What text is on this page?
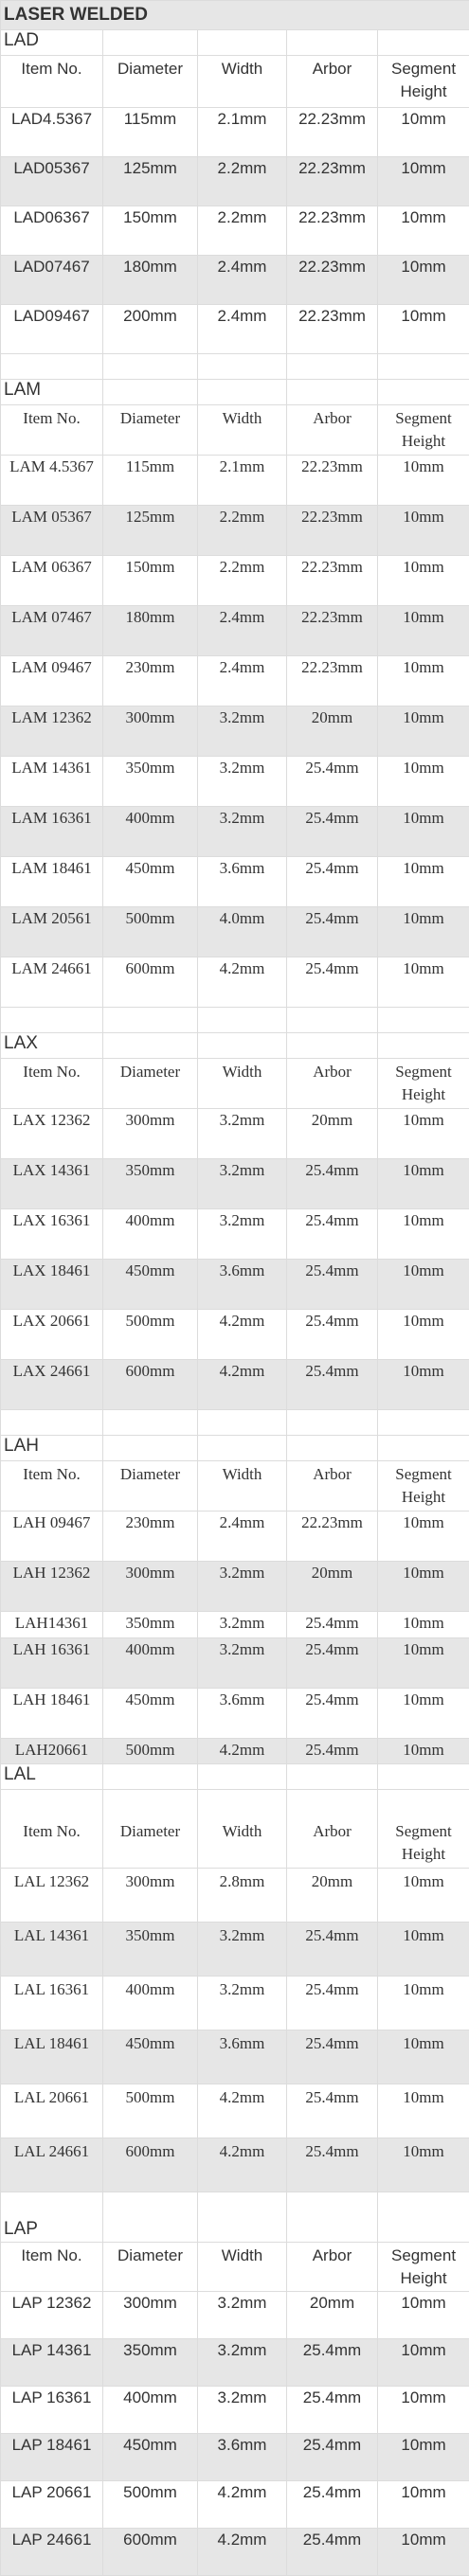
LASER WELDED				
LAD				
Item No.	Diameter	Width	Arbor	Segment Height
LAD4.5367	115mm	2.1mm	22.23mm	10mm
LAD05367	125mm	2.2mm	22.23mm	10mm
LAD06367	150mm	2.2mm	22.23mm	10mm
LAD07467	180mm	2.4mm	22.23mm	10mm
LAD09467	200mm	2.4mm	22.23mm	10mm

LAM				
Item No.	Diameter	Width	Arbor	Segment Height
LAM 4.5367	115mm	2.1mm	22.23mm	10mm
LAM 05367	125mm	2.2mm	22.23mm	10mm
LAM 06367	150mm	2.2mm	22.23mm	10mm
LAM 07467	180mm	2.4mm	22.23mm	10mm
LAM 09467	230mm	2.4mm	22.23mm	10mm
LAM 12362	300mm	3.2mm	20mm	10mm
LAM 14361	350mm	3.2mm	25.4mm	10mm
LAM 16361	400mm	3.2mm	25.4mm	10mm
LAM 18461	450mm	3.6mm	25.4mm	10mm
LAM 20561	500mm	4.0mm	25.4mm	10mm
LAM 24661	600mm	4.2mm	25.4mm	10mm

LAX				
Item No.	Diameter	Width	Arbor	Segment Height
LAX 12362	300mm	3.2mm	20mm	10mm
LAX 14361	350mm	3.2mm	25.4mm	10mm
LAX 16361	400mm	3.2mm	25.4mm	10mm
LAX 18461	450mm	3.6mm	25.4mm	10mm
LAX 20661	500mm	4.2mm	25.4mm	10mm
LAX 24661	600mm	4.2mm	25.4mm	10mm

LAH				
Item No.	Diameter	Width	Arbor	Segment Height
LAH 09467	230mm	2.4mm	22.23mm	10mm
LAH 12362	300mm	3.2mm	20mm	10mm
LAH14361	350mm	3.2mm	25.4mm	10mm
LAH 16361	400mm	3.2mm	25.4mm	10mm
LAH 18461	450mm	3.6mm	25.4mm	10mm
LAH20661	500mm	4.2mm	25.4mm	10mm
LAL				
Item No.	Diameter	Width	Arbor	Segment Height
LAL 12362	300mm	2.8mm	20mm	10mm
LAL 14361	350mm	3.2mm	25.4mm	10mm
LAL 16361	400mm	3.2mm	25.4mm	10mm
LAL 18461	450mm	3.6mm	25.4mm	10mm
LAL 20661	500mm	4.2mm	25.4mm	10mm
LAL 24661	600mm	4.2mm	25.4mm	10mm
LAP				
Item No.	Diameter	Width	Arbor	Segment Height
LAP 12362	300mm	3.2mm	20mm	10mm
LAP 14361	350mm	3.2mm	25.4mm	10mm
LAP 16361	400mm	3.2mm	25.4mm	10mm
LAP 18461	450mm	3.6mm	25.4mm	10mm
LAP 20661	500mm	4.2mm	25.4mm	10mm
LAP 24661	600mm	4.2mm	25.4mm	10mm
